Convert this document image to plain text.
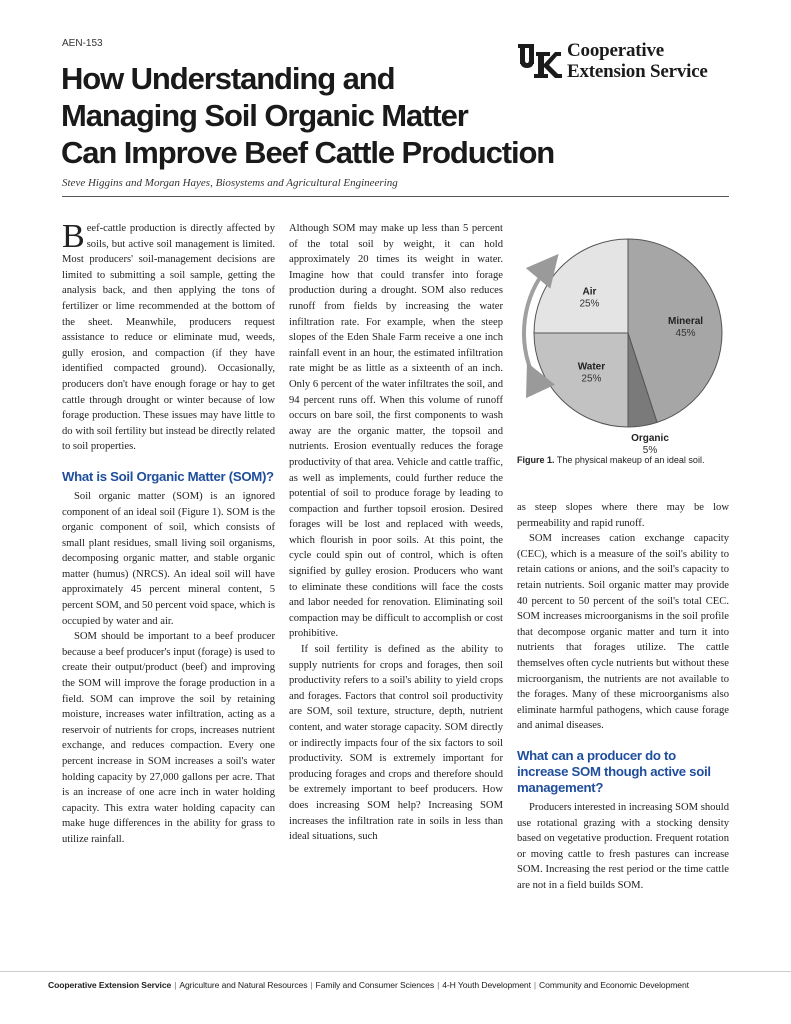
AEN-153	Cooperative
Extension Service
How Understanding and
Managing Soil Organic Matter
Can Improve Beef Cattle Production
Steve Higgins and Morgan Hayes, Biosystems and Agricultural Engineering

Beef-cattle production is directly affected by soils, but active soil management is limited. Most producers' soil-management decisions are limited to submitting a soil sample, getting the analysis back, and then applying the tons of fertilizer or lime recommended at the bottom of the sheet. Meanwhile, producers request assistance to reduce or eliminate mud, weeds, gully erosion, and compaction (if they have identified compacted ground). Occasionally, producers don't have enough forage or hay to get cattle through drought or winter because of low forage production. These issues may have little to do with soil fertility but instead be directly related to soil properties.

What is Soil Organic Matter (SOM)?

Soil organic matter (SOM) is an ignored component of an ideal soil (Figure 1). SOM is the organic component of soil, which consists of small plant residues, small living soil organisms, decomposing organic matter, and stable organic matter (humus) (NRCS). An ideal soil will have approximately 45 percent mineral content, 5 percent SOM, and 50 percent void space, which is occupied by water and air.

SOM should be important to a beef producer because a beef producer's input (forage) is used to create their output/product (beef) and improving the SOM will improve the forage production in a field. SOM can improve the soil by retaining moisture, increases water infiltration, acting as a reservoir of nutrients for crops, increases nutrient exchange, and reduces compaction. Every one percent increase in SOM increases a soil's water holding capacity by 27,000 gallons per acre. That is an increase of one acre inch in water holding capacity. This extra water holding capacity can make huge differences in the ability for grass to utilize rainfall.

Although SOM may make up less than 5 percent of the total soil by weight, it can hold approximately 20 times its weight in water. Imagine how that could transfer into forage production during a drought. SOM also reduces runoff from fields by increasing the water infiltration rate. For example, when the steep slopes of the Eden Shale Farm receive a one inch rainfall event in an hour, the estimated infiltration rate might be as little as a sixteenth of an inch. Only 6 percent of the water infiltrates the soil, and 94 percent runs off. When this volume of runoff occurs on bare soil, the first components to wash away are the organic matter, the topsoil and nutrients. Erosion eventually reduces the forage productivity of that area. Vehicle and cattle traffic, as well as implements, could further reduce the potential of soil to produce forage by leading to compaction and further topsoil erosion. Desired forages will be lost and replaced with weeds, which flourish in poor soils. At this point, the cycle could spin out of control, which is often signified by gulley erosion. Producers who want to eliminate these conditions will face the costs and labor needed for renovation. Eliminating soil compaction may be difficult to accomplish or cost prohibitive.

If soil fertility is defined as the ability to supply nutrients for crops and forages, then soil productivity refers to a soil's ability to yield crops and forages. Factors that control soil productivity are SOM, soil texture, structure, depth, nutrient content, and water storage capacity. SOM directly or indirectly impacts four of the six factors to soil productivity. SOM is extremely important for producing forages and crops and therefore should be extremely important to beef producers. How does increasing SOM help? Increasing SOM increases the infiltration rate in soils in less than ideal situations, such

Mineral
45%
Organic
5%
Water
25%
Air
25%
Figure 1. The physical makeup of an ideal soil.

as steep slopes where there may be low permeability and rapid runoff.

SOM increases cation exchange capacity (CEC), which is a measure of the soil's ability to retain cations or anions, and the soil's capacity to retain nutrients. Soil organic matter may provide 40 percent to 50 percent of the soil's total CEC. SOM increases microorganisms in the soil profile that decompose organic matter and turn it into nutrients that forages utilize. The cattle themselves often cycle nutrients but without these microorganism, the nutrients are not available to the forages. Many of these microorganisms also eliminate harmful pathogens, which cause forage and animal diseases.

What can a producer do to increase SOM though active soil management?

Producers interested in increasing SOM should use rotational grazing with a stocking density based on vegetative production. Frequent rotation or moving cattle to fresh pastures can increase SOM. Increasing the rest period or the time cattle are not in a field builds SOM.

Cooperative Extension Service | Agriculture and Natural Resources | Family and Consumer Sciences | 4-H Youth Development | Community and Economic Development
